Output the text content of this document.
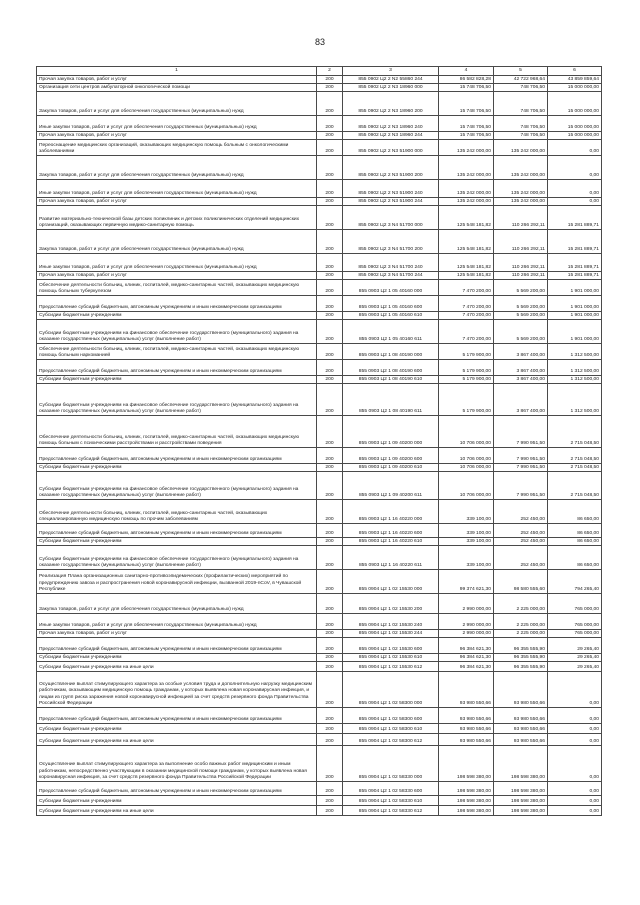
83
1	2	3	4	5	6
Прочая закупка товаров, работ и услуг	200	855 0902 Ц2 2 N2 55860 244	86 582 828,28	42 722 968,64	43 859 859,64
Организация сети центров амбулаторной онкологической помощи	200	855 0902 Ц2 2 N3 18960 000	15 748 706,50	748 706,50	15 000 000,00
Закупка товаров, работ и услуг для обеспечения государственных (муниципальных) нужд	200	855 0902 Ц2 2 N3 18960 200	15 748 706,50	748 706,50	15 000 000,00
Иные закупки товаров, работ и услуг для обеспечения государственных (муниципальных) нужд	200	855 0902 Ц2 2 N3 18960 240	15 748 706,50	748 706,50	15 000 000,00
Прочая закупка товаров, работ и услуг	200	855 0902 Ц2 2 N3 18960 244	15 748 706,50	748 706,50	15 000 000,00
Переоснащение медицинских организаций, оказывающих медицинскую помощь больным с онкологическими заболеваниями	200	855 0902 Ц2 2 N3 51900 000	135 242 000,00	135 242 000,00	0,00
Закупка товаров, работ и услуг для обеспечения государственных (муниципальных) нужд	200	855 0902 Ц2 2 N3 51900 200	135 242 000,00	135 242 000,00	0,00
Иные закупки товаров, работ и услуг для обеспечения государственных (муниципальных) нужд	200	855 0902 Ц2 2 N3 51900 240	135 242 000,00	135 242 000,00	0,00
Прочая закупка товаров, работ и услуг	200	855 0902 Ц2 2 N3 51900 244	135 242 000,00	135 242 000,00	0,00
Развитие материально-технической базы детских поликлиник и детских поликлинических отделений медицинских организаций, оказывающих первичную медико-санитарную помощь	200	855 0902 Ц2 3 N4 51700 000	125 548 181,82	110 266 292,11	15 281 889,71
Закупка товаров, работ и услуг для обеспечения государственных (муниципальных) нужд	200	855 0902 Ц2 3 N4 51700 200	125 548 181,82	110 266 292,11	15 281 889,71
Иные закупки товаров, работ и услуг для обеспечения государственных (муниципальных) нужд	200	855 0902 Ц2 3 N4 51700 240	125 548 181,82	110 266 292,11	15 281 889,71
Прочая закупка товаров, работ и услуг	200	855 0902 Ц2 3 N4 51700 244	125 548 181,82	110 266 292,11	15 281 889,71
Обеспечение деятельности больниц, клиник, госпиталей, медико-санитарных частей, оказывающих медицинскую помощь больным туберкулезом	200	855 0903 Ц2 1 05 40160 000	7 470 200,00	5 569 200,00	1 901 000,00
Предоставление субсидий бюджетным, автономным учреждениям и иным некоммерческим организациям	200	855 0903 Ц2 1 05 40160 600	7 470 200,00	5 569 200,00	1 901 000,00
Субсидии бюджетным учреждениям	200	855 0903 Ц2 1 05 40160 610	7 470 200,00	5 569 200,00	1 901 000,00
Субсидии бюджетным учреждениям на финансовое обеспечение государственного (муниципального) задания на оказание государственных (муниципальных) услуг (выполнение работ)	200	855 0903 Ц2 1 05 40160 611	7 470 200,00	5 569 200,00	1 901 000,00
Обеспечение деятельности больниц, клиник, госпиталей, медико-санитарных частей, оказывающих медицинскую помощь больным наркоманией	200	855 0903 Ц2 1 08 40190 000	5 179 900,00	3 867 400,00	1 312 500,00
Предоставление субсидий бюджетным, автономным учреждениям и иным некоммерческим организациям	200	855 0903 Ц2 1 08 40190 600	5 179 900,00	3 867 400,00	1 312 500,00
Субсидии бюджетным учреждениям	200	855 0903 Ц2 1 08 40190 610	5 179 900,00	3 867 400,00	1 312 500,00
Субсидии бюджетным учреждениям на финансовое обеспечение государственного (муниципального) задания на оказание государственных (муниципальных) услуг (выполнение работ)	200	855 0903 Ц2 1 08 40190 611	5 179 900,00	3 867 400,00	1 312 500,00
Обеспечение деятельности больниц, клиник, госпиталей, медико-санитарных частей, оказывающих медицинскую помощь больным с психическими расстройствами и расстройствами поведения	200	855 0903 Ц2 1 09 40200 000	10 706 000,00	7 990 951,50	2 715 048,50
Предоставление субсидий бюджетным, автономным учреждениям и иным некоммерческим организациям	200	855 0903 Ц2 1 09 40200 600	10 706 000,00	7 990 951,50	2 715 048,50
Субсидии бюджетным учреждениям	200	855 0903 Ц2 1 09 40200 610	10 706 000,00	7 990 951,50	2 715 048,50
Субсидии бюджетным учреждениям на финансовое обеспечение государственного (муниципального) задания на оказание государственных (муниципальных) услуг (выполнение работ)	200	855 0903 Ц2 1 09 40200 611	10 706 000,00	7 990 951,50	2 715 048,50
Обеспечение деятельности больниц, клиник, госпиталей, медико-санитарных частей, оказывающих специализированную медицинскую помощь по прочим заболеваниям	200	855 0903 Ц2 1 16 40220 000	339 100,00	252 450,00	86 650,00
Предоставление субсидий бюджетным, автономным учреждениям и иным некоммерческим организациям	200	855 0903 Ц2 1 16 40220 600	339 100,00	252 450,00	86 650,00
Субсидии бюджетным учреждениям	200	855 0903 Ц2 1 16 40220 610	339 100,00	252 450,00	86 650,00
Субсидии бюджетным учреждениям на финансовое обеспечение государственного (муниципального) задания на оказание государственных (муниципальных) услуг (выполнение работ)	200	855 0903 Ц2 1 16 40220 611	339 100,00	252 450,00	86 650,00
Реализация Плана организационных санитарно-противоэпидемических (профилактических) мероприятий по предупреждению завоза и распространения новой коронавирусной инфекции, вызванной 2019-nCoV, в Чувашской Республике	200	855 0904 Ц2 1 02 15530 000	99 374 621,30	98 580 555,60	794 265,40
Закупка товаров, работ и услуг для обеспечения государственных (муниципальных) нужд	200	855 0904 Ц2 1 02 15530 200	2 990 000,00	2 225 000,00	765 000,00
Иные закупки товаров, работ и услуг для обеспечения государственных (муниципальных) нужд	200	855 0904 Ц2 1 02 15530 240	2 990 000,00	2 225 000,00	765 000,00
Прочая закупка товаров, работ и услуг	200	855 0904 Ц2 1 02 15530 244	2 990 000,00	2 225 000,00	765 000,00
Предоставление субсидий бюджетным, автономным учреждениям и иным некоммерческим организациям	200	855 0904 Ц2 1 02 15530 600	96 384 621,30	96 355 555,90	29 265,40
Субсидии бюджетным учреждениям	200	855 0904 Ц2 1 02 15530 610	96 384 621,30	96 355 555,90	29 265,40
Субсидии бюджетным учреждениям на иные цели	200	855 0904 Ц2 1 02 15530 612	96 384 621,30	96 355 555,90	29 265,40
Осуществление выплат стимулирующего характера за особые условия труда и дополнительную нагрузку медицинским работникам, оказывающим медицинскую помощь гражданам, у которых выявлена новая коронавирусная инфекция, и лицам из групп риска заражения новой коронавирусной инфекцией за счет средств резервного фонда Правительства Российской Федерации	200	855 0904 Ц2 1 02 58300 000	93 980 550,66	93 980 550,66	0,00
Предоставление субсидий бюджетным, автономным учреждениям и иным некоммерческим организациям	200	855 0904 Ц2 1 02 58300 600	93 980 550,66	93 980 550,66	0,00
Субсидии бюджетным учреждениям	200	855 0904 Ц2 1 02 58300 610	93 980 550,66	93 980 550,66	0,00
Субсидии бюджетным учреждениям на иные цели	200	855 0904 Ц2 1 02 58300 612	93 980 550,66	93 980 550,66	0,00
Осуществление выплат стимулирующего характера за выполнение особо важных работ медицинским и иным работникам, непосредственно участвующим в оказании медицинской помощи гражданам, у которых выявлена новая коронавирусная инфекция, за счет средств резервного фонда Правительства Российской Федерации	200	855 0904 Ц2 1 02 58330 000	198 598 380,00	198 598 380,00	0,00
Предоставление субсидий бюджетным, автономным учреждениям и иным некоммерческим организациям	200	855 0904 Ц2 1 02 58330 600	198 598 380,00	198 598 380,00	0,00
Субсидии бюджетным учреждениям	200	855 0904 Ц2 1 02 58330 610	198 598 380,00	198 598 380,00	0,00
Субсидии бюджетным учреждениям на иные цели	200	855 0904 Ц2 1 02 58330 612	198 598 380,00	198 598 380,00	0,00
